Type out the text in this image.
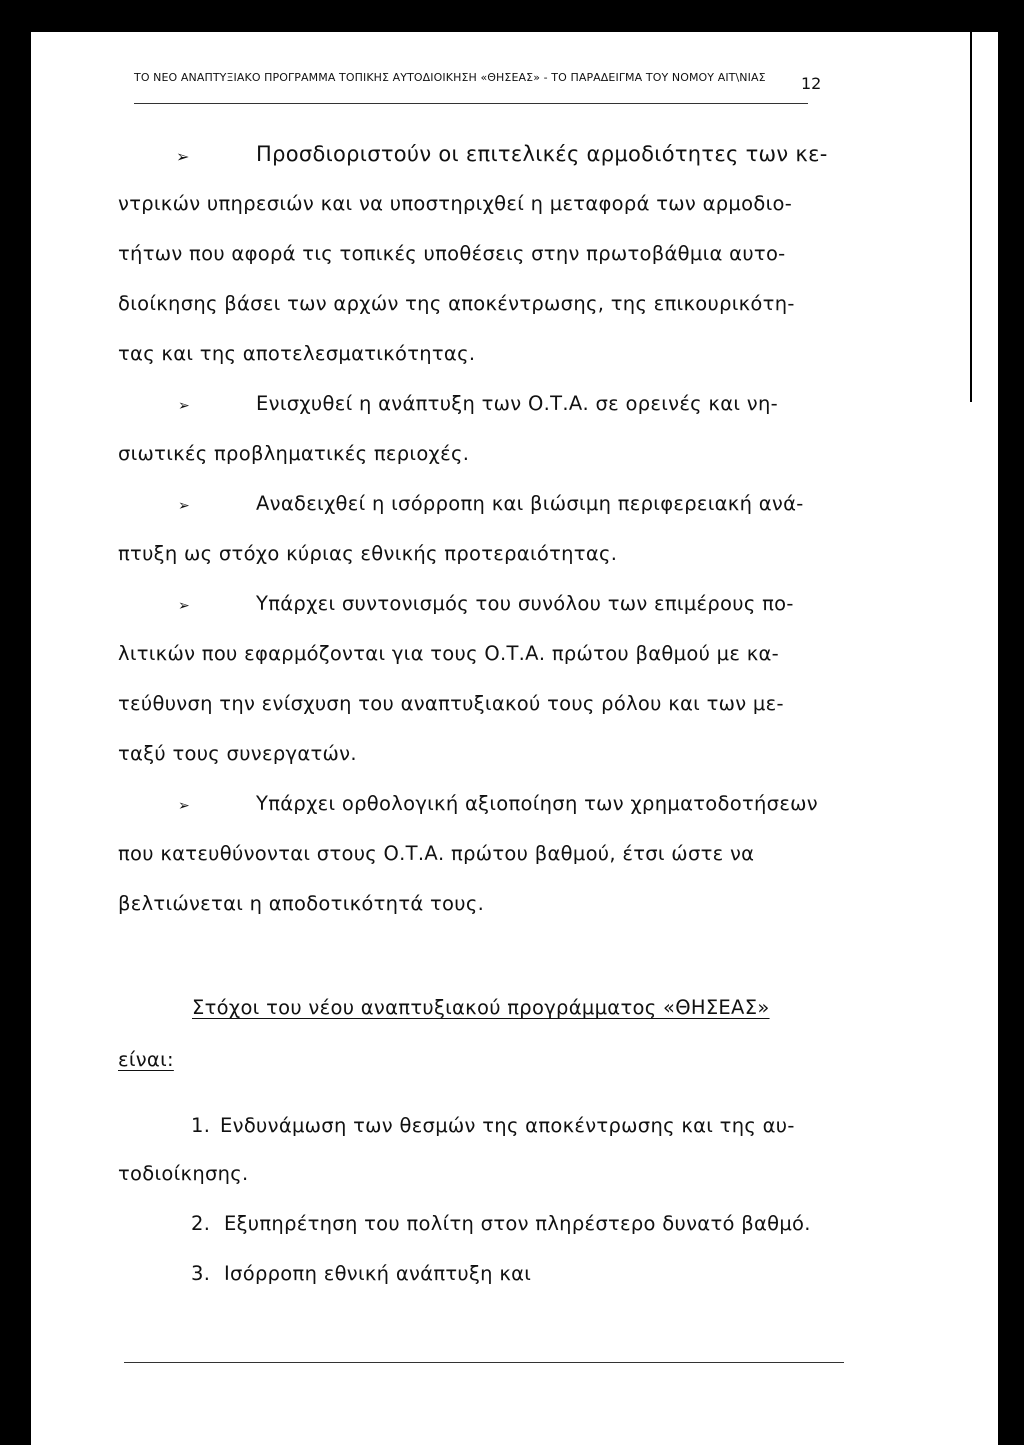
ΤΟ ΝΕΟ ΑΝΑΠΤΥΞΙΑΚΟ ΠΡΟΓΡΑΜΜΑ ΤΟΠΙΚΗΣ ΑΥΤΟΔΙΟΙΚΗΣΗ «ΘΗΣΕΑΣ» - ΤΟ ΠΑΡΑΔΕΙΓΜΑ ΤΟΥ ΝΟΜΟΥ ΑΙΤ\ΝΙΑΣ	12
➢	Προσδιοριστούν οι επιτελικές αρμοδιότητες των κε-
ντρικών υπηρεσιών και να υποστηριχθεί η μεταφορά των αρμοδιο-
τήτων που αφορά τις τοπικές υποθέσεις στην πρωτοβάθμια αυτο-
διοίκησης βάσει των αρχών της αποκέντρωσης, της επικουρικότη-
τας και της αποτελεσματικότητας.
➢	Ενισχυθεί η ανάπτυξη των Ο.Τ.Α. σε ορεινές και νη-
σιωτικές προβληματικές περιοχές.
➢	Αναδειχθεί η ισόρροπη και βιώσιμη περιφερειακή ανά-
πτυξη ως στόχο κύριας εθνικής προτεραιότητας.
➢	Υπάρχει συντονισμός του συνόλου των επιμέρους πο-
λιτικών που εφαρμόζονται για τους Ο.Τ.Α. πρώτου βαθμού με κα-
τεύθυνση την ενίσχυση του αναπτυξιακού τους ρόλου και των με-
ταξύ τους συνεργατών.
➢	Υπάρχει ορθολογική αξιοποίηση των χρηματοδοτήσεων
που κατευθύνονται στους Ο.Τ.Α. πρώτου βαθμού, έτσι ώστε να
βελτιώνεται η αποδοτικότητά τους.
Στόχοι του νέου αναπτυξιακού προγράμματος «ΘΗΣΕΑΣ»
είναι:
1. Ενδυνάμωση των θεσμών της αποκέντρωσης και της αυ-
τοδιοίκησης.
2. Εξυπηρέτηση του πολίτη στον πληρέστερο δυνατό βαθμό.
3. Ισόρροπη εθνική ανάπτυξη και
